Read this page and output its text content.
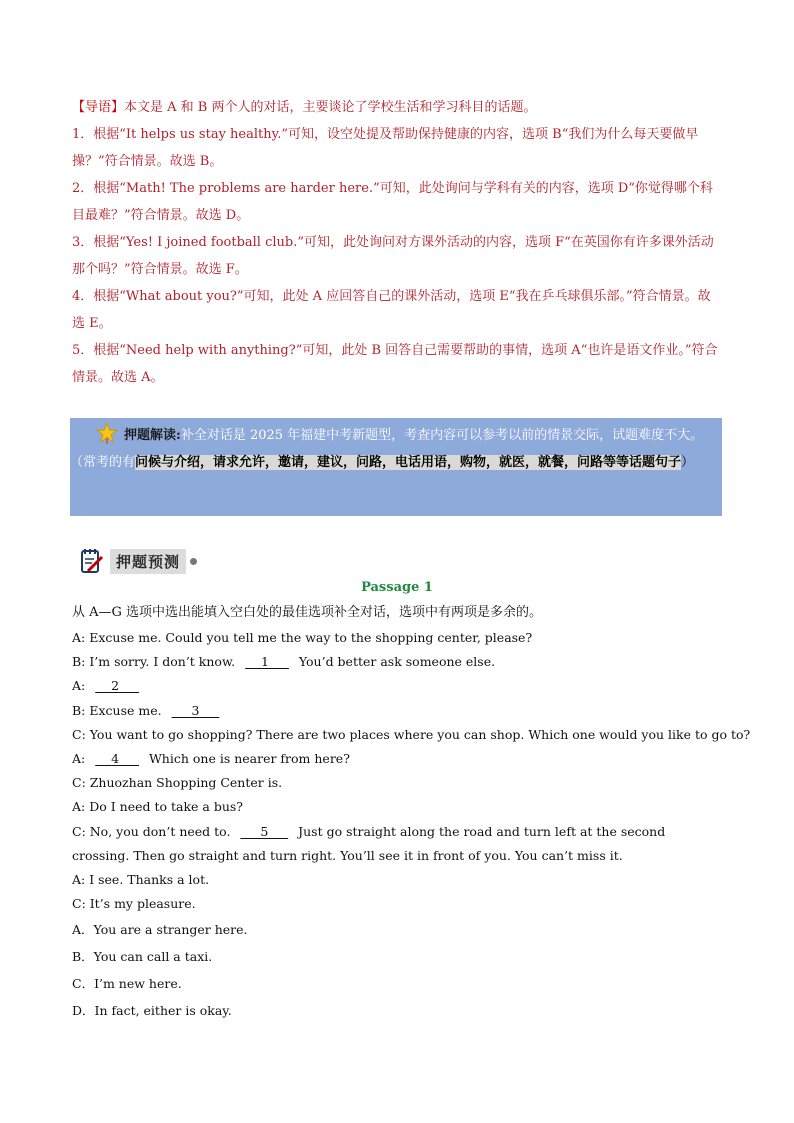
【导语】本文是 A 和 B 两个人的对话，主要谈论了学校生活和学习科目的话题。

1．根据“It helps us stay healthy.”可知，设空处提及帮助保持健康的内容，选项 B“我们为什么每天要做早操？”符合情景。故选 B。

2．根据“Math! The problems are harder here.”可知，此处询问与学科有关的内容，选项 D“你觉得哪个科目最难？”符合情景。故选 D。

3．根据“Yes! I joined football club.”可知，此处询问对方课外活动的内容，选项 F“在英国你有许多课外活动那个吗？”符合情景。故选 F。

4．根据“What about you?”可知，此处 A 应回答自己的课外活动，选项 E“我在乒乓球俱乐部。”符合情景。故选 E。

5．根据“Need help with anything?”可知，此处 B 回答自己需要帮助的事情，选项 A“也许是语文作业。”符合情景。故选 A。

押题解读:补全对话是 2025 年福建中考新题型，考查内容可以参考以前的情景交际，试题难度不大。（常考的有问候与介绍，请求允许，邀请，建议，问路，电话用语，购物，就医，就餐，问路等等话题句子）
押题预测
Passage 1

从 A—G 选项中选出能填入空白处的最佳选项补全对话，选项中有两项是多余的。

A: Excuse me. Could you tell me the way to the shopping center, please?

B: I’m sorry. I don’t know. 1 You’d better ask someone else.

A: 2

B: Excuse me. 3

C: You want to go shopping? There are two places where you can shop. Which one would you like to go to?

A: 4 Which one is nearer from here?

C: Zhuozhan Shopping Center is.

A: Do I need to take a bus?

C: No, you don’t need to. 5 Just go straight along the road and turn left at the second crossing. Then go straight and turn right. You’ll see it in front of you. You can’t miss it.

A: I see. Thanks a lot.

C: It’s my pleasure.

A．You are a stranger here.

B．You can call a taxi.

C．I’m new here.

D．In fact, either is okay.
